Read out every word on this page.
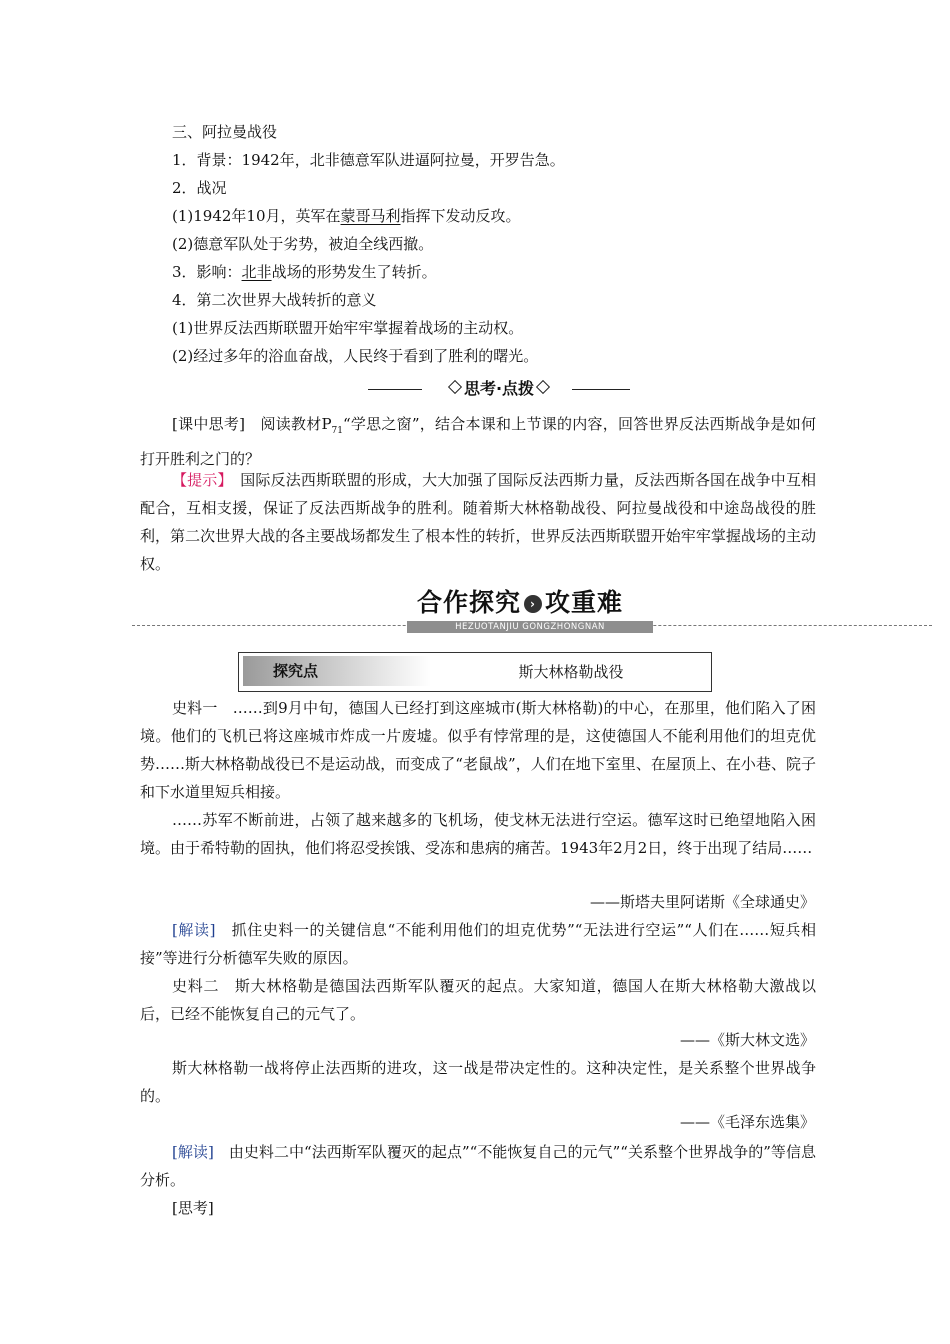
三、阿拉曼战役
1．背景：1942年，北非德意军队进逼阿拉曼，开罗告急。
2．战况
(1)1942年10月，英军在蒙哥马利指挥下发动反攻。
(2)德意军队处于劣势，被迫全线西撤。
3．影响：北非战场的形势发生了转折。
4．第二次世界大战转折的意义
(1)世界反法西斯联盟开始牢牢掌握着战场的主动权。
(2)经过多年的浴血奋战，人民终于看到了胜利的曙光。
思考·点拨
[课中思考]　阅读教材$P_{71}“$学思之窗”，结合本课和上节课的内容，回答世界反法西斯战争是如何打开胜利之门的？
【提示】　国际反法西斯联盟的形成，大大加强了国际反法西斯力量，反法西斯各国在战争中互相配合，互相支援，保证了反法西斯战争的胜利。随着斯大林格勒战役、阿拉曼战役和中途岛战役的胜利，第二次世界大战的各主要战场都发生了根本性的转折，世界反法西斯联盟开始牢牢掌握战场的主动权。
合作探究 › 攻重难
HEZUOTANJIU GONGZHONGNAN
探究点	斯大林格勒战役
史料一　……到9月中旬，德国人已经打到这座城市(斯大林格勒)的中心，在那里，他们陷入了困境。他们的飞机已将这座城市炸成一片废墟。似乎有悖常理的是，这使德国人不能利用他们的坦克优势……斯大林格勒战役已不是运动战，而变成了“老鼠战”，人们在地下室里、在屋顶上、在小巷、院子和下水道里短兵相接。
……苏军不断前进，占领了越来越多的飞机场，使戈林无法进行空运。德军这时已绝望地陷入困境。由于希特勒的固执，他们将忍受挨饿、受冻和患病的痛苦。1943年2月2日，终于出现了结局……
——斯塔夫里阿诺斯《全球通史》
[解读]　抓住史料一的关键信息“不能利用他们的坦克优势”“无法进行空运”“人们在……短兵相接”等进行分析德军失败的原因。
史料二　斯大林格勒是德国法西斯军队覆灭的起点。大家知道，德国人在斯大林格勒大激战以后，已经不能恢复自己的元气了。
——《斯大林文选》
斯大林格勒一战将停止法西斯的进攻，这一战是带决定性的。这种决定性，是关系整个世界战争的。
——《毛泽东选集》
[解读]　由史料二中“法西斯军队覆灭的起点”“不能恢复自己的元气”“关系整个世界战争的”等信息分析。
[思考]
